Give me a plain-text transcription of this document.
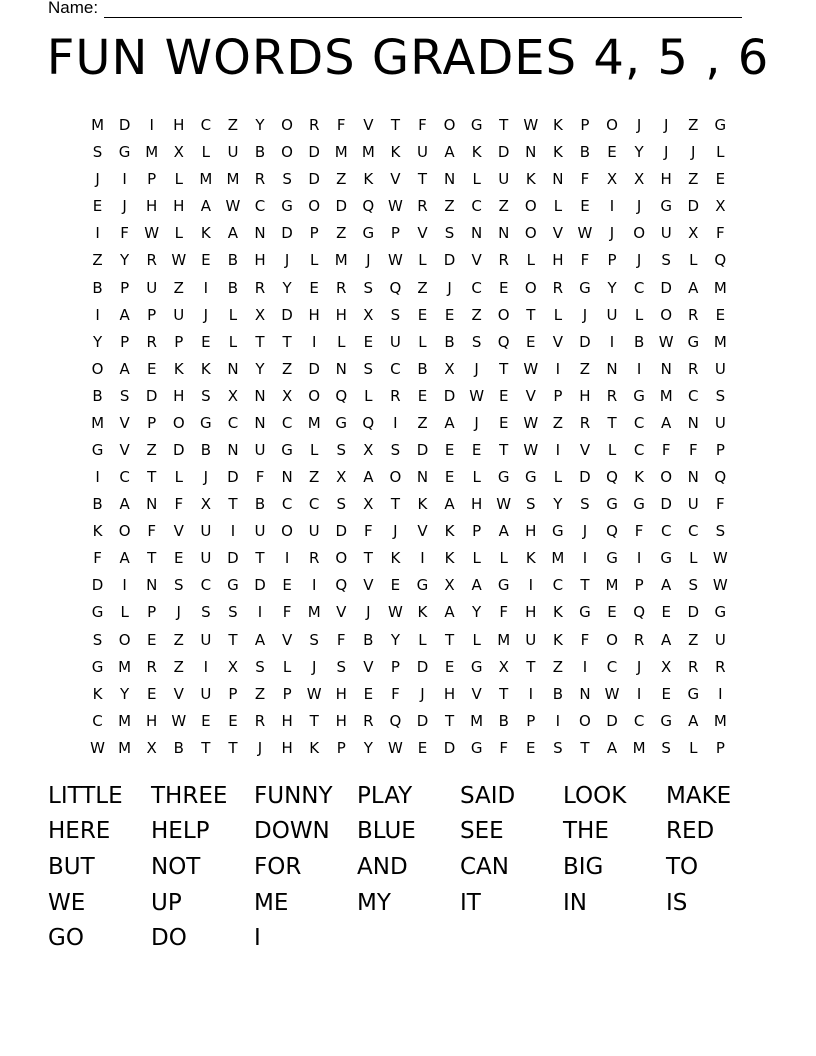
Name:
FUN WORDS GRADES 4, 5 , 6
M D	I	H	C	Z	Y	O	R	F	V	T	F	O	G	T	W K	P	O	J	J	Z	G
S	G M	X	L	U	B	O	D M M	K	U	A	K	D	N	K	B	E	Y	J	J	L
J	I	P	L	M M	R	S	D	Z	K	V	T	N	L	U	K	N	F	X	X	H	Z	E
E	J	H	H	A W C	G	O	D	Q W R	Z	C	Z	O	L	E	I	J	G	D	X
I	F	W	L	K	A	N	D	P	Z	G	P	V	S	N	N	O	V W	J	O	U	X	F
Z	Y	R W E	B	H	J	L	M	J	W	L	D	V	R	L	H	F	P	J	S	L	Q
B	P	U	Z	I	B	R	Y	E	R	S	Q	Z	J	C	E	O	R	G	Y	C	D	A	M
I	A	P	U	J	L	X	D	H	H	X	S	E	E	Z	O	T	L	J	U	L	O	R	E
Y	P	R	P	E	L	T	T	I	L	E	U	L	B	S	Q	E	V	D	I	B W G M
O	A	E	K	K	N	Y	Z	D	N	S	C	B	X	J	T	W	I	Z	N	I	N	R	U
B	S	D	H	S	X	N	X	O	Q	L	R	E	D W E	V	P	H	R	G M	C	S
M	V	P	O	G	C	N	C	M G	Q	I	Z	A	J	E W Z	R	T	C	A	N	U
G	V	Z	D	B	N	U	G	L	S	X	S	D	E	E	T	W	I	V	L	C	F	F	P
I	C	T	L	J	D	F	N	Z	X	A	O	N	E	L	G	G	L	D	Q	K	O	N	Q
B	A	N	F	X	T	B	C	C	S	X	T	K	A	H W S	Y	S	G	G	D	U	F
K	O	F	V	U	I	U	O	U	D	F	J	V	K	P	A	H	G	J	Q	F	C	C	S
F	A	T	E	U	D	T	I	R	O	T	K	I	K	L	L	K	M	I	G	I	G	L	W
D	I	N	S	C	G	D	E	I	Q	V	E	G	X	A	G	I	C	T	M	P	A	S W
G	L	P	J	S	S	I	F	M	V	J	W K	A	Y	F	H	K	G	E	Q	E	D	G
S	O	E	Z	U	T	A	V	S	F	B	Y	L	T	L	M	U	K	F	O	R	A	Z	U
G M	R	Z	I	X	S	L	J	S	V	P	D	E	G	X	T	Z	I	C	J	X	R	R
K	Y	E	V	U	P	Z	P	W H	E	F	J	H	V	T	I	B	N W	I	E	G	I
C	M H W E	E	R	H	T	H	R	Q	D	T	M	B	P	I	O	D	C	G	A	M
W M	X	B	T	T	J	H	K	P	Y	W E	D	G	F	E	S	T	A	M	S	L	P
LITTLE	THREE	FUNNY	PLAY	SAID	LOOK	MAKE
HERE	HELP	DOWN	BLUE	SEE	THE	RED
BUT	NOT	FOR	AND	CAN	BIG	TO
WE	UP	ME	MY	IT	IN	IS
GO	DO	I
